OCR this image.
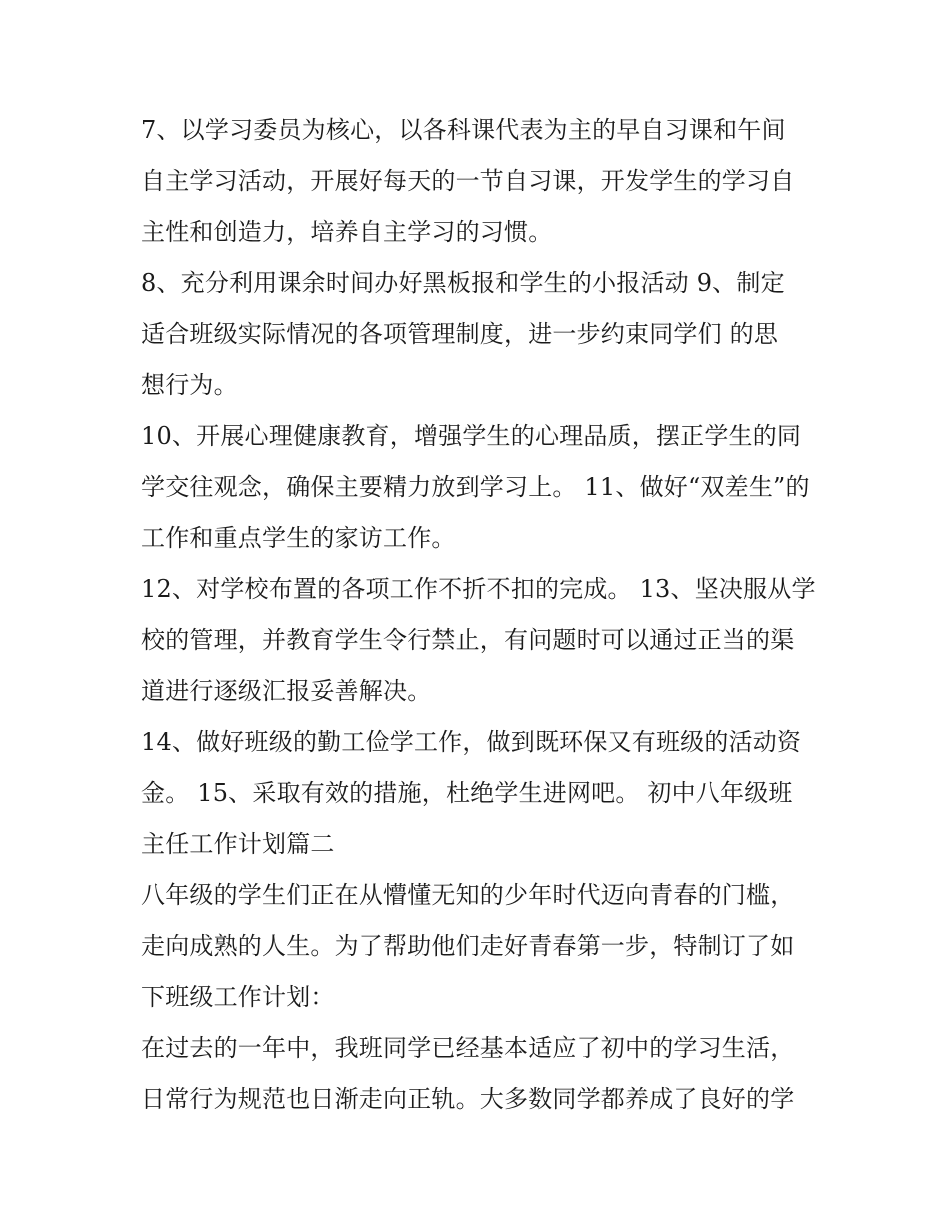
7、以学习委员为核心，以各科课代表为主的早自习课和午间
自主学习活动，开展好每天的一节自习课，开发学生的学习自
主性和创造力，培养自主学习的习惯。
8、充分利用课余时间办好黑板报和学生的小报活动 9、制定
适合班级实际情况的各项管理制度，进一步约束同学们 的思
想行为。
10、开展心理健康教育，增强学生的心理品质，摆正学生的同
学交往观念，确保主要精力放到学习上。 11、做好“双差生”的
工作和重点学生的家访工作。
12、对学校布置的各项工作不折不扣的完成。 13、坚决服从学
校的管理，并教育学生令行禁止，有问题时可以通过正当的渠
道进行逐级汇报妥善解决。
14、做好班级的勤工俭学工作，做到既环保又有班级的活动资
金。 15、采取有效的措施，杜绝学生进网吧。 初中八年级班
主任工作计划篇二
八年级的学生们正在从懵懂无知的少年时代迈向青春的门槛，
走向成熟的人生。为了帮助他们走好青春第一步，特制订了如
下班级工作计划：
在过去的一年中，我班同学已经基本适应了初中的学习生活，
日常行为规范也日渐走向正轨。大多数同学都养成了良好的学
